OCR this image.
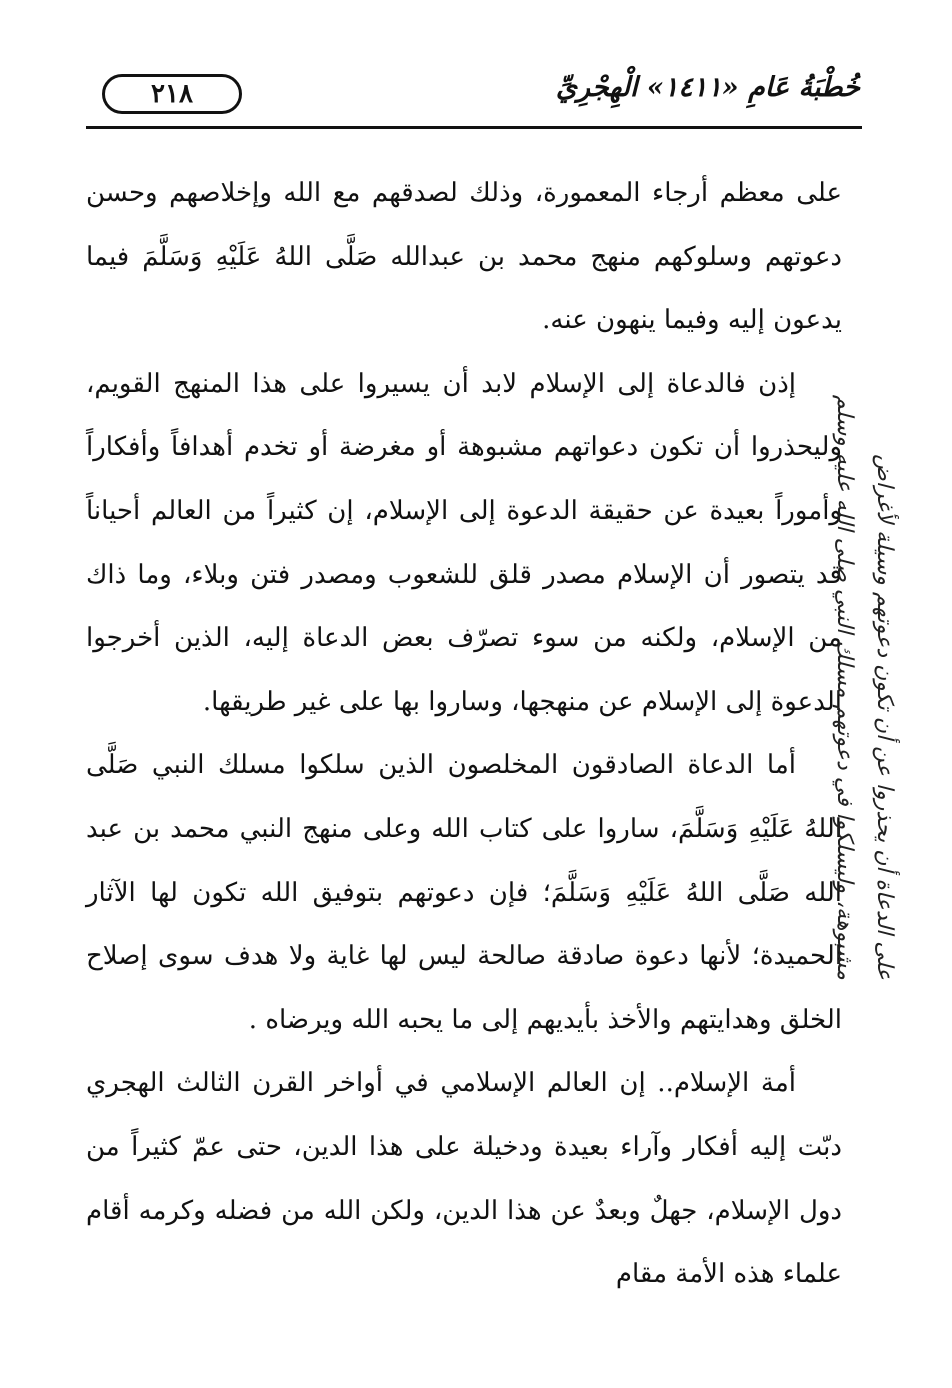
٢١٨	خُطْبَةُ عَامِ «١٤١١» الْهِجْرِيِّ

على معظم أرجاء المعمورة، وذلك لصدقهم مع الله وإخلاصهم وحسن دعوتهم وسلوكهم منهج محمد بن عبدالله صَلَّى اللهُ عَلَيْهِ وَسَلَّمَ فيما يدعون إليه وفيما ينهون عنه.

إذن فالدعاة إلى الإسلام لابد أن يسيروا على هذا المنهج القويم، وليحذروا أن تكون دعواتهم مشبوهة أو مغرضة أو تخدم أهدافاً وأفكاراً وأموراً بعيدة عن حقيقة الدعوة إلى الإسلام، إن كثيراً من العالم أحياناً قد يتصور أن الإسلام مصدر قلق للشعوب ومصدر فتن وبلاء، وما ذاك من الإسلام، ولكنه من سوء تصرّف بعض الدعاة إليه، الذين أخرجوا الدعوة إلى الإسلام عن منهجها، وساروا بها على غير طريقها.

أما الدعاة الصادقون المخلصون الذين سلكوا مسلك النبي صَلَّى اللهُ عَلَيْهِ وَسَلَّمَ، ساروا على كتاب الله وعلى منهج النبي محمد بن عبد الله صَلَّى اللهُ عَلَيْهِ وَسَلَّمَ؛ فإن دعوتهم بتوفيق الله تكون لها الآثار الحميدة؛ لأنها دعوة صادقة صالحة ليس لها غاية ولا هدف سوى إصلاح الخلق وهدايتهم والأخذ بأيديهم إلى ما يحبه الله ويرضاه .

أمة الإسلام.. إن العالم الإسلامي في أواخر القرن الثالث الهجري دبّت إليه أفكار وآراء بعيدة ودخيلة على هذا الدين، حتى عمّ كثيراً من دول الإسلام، جهلٌ وبعدٌ عن هذا الدين، ولكن الله من فضله وكرمه أقام علماء هذه الأمة مقام

على الدعاة أن يحذروا عن أن تكون دعوتهم وسيلة لأغراض
مشبوهة، وليسلكوا في دعوتهم مسلك النبي صلى الله عليه وسلم
